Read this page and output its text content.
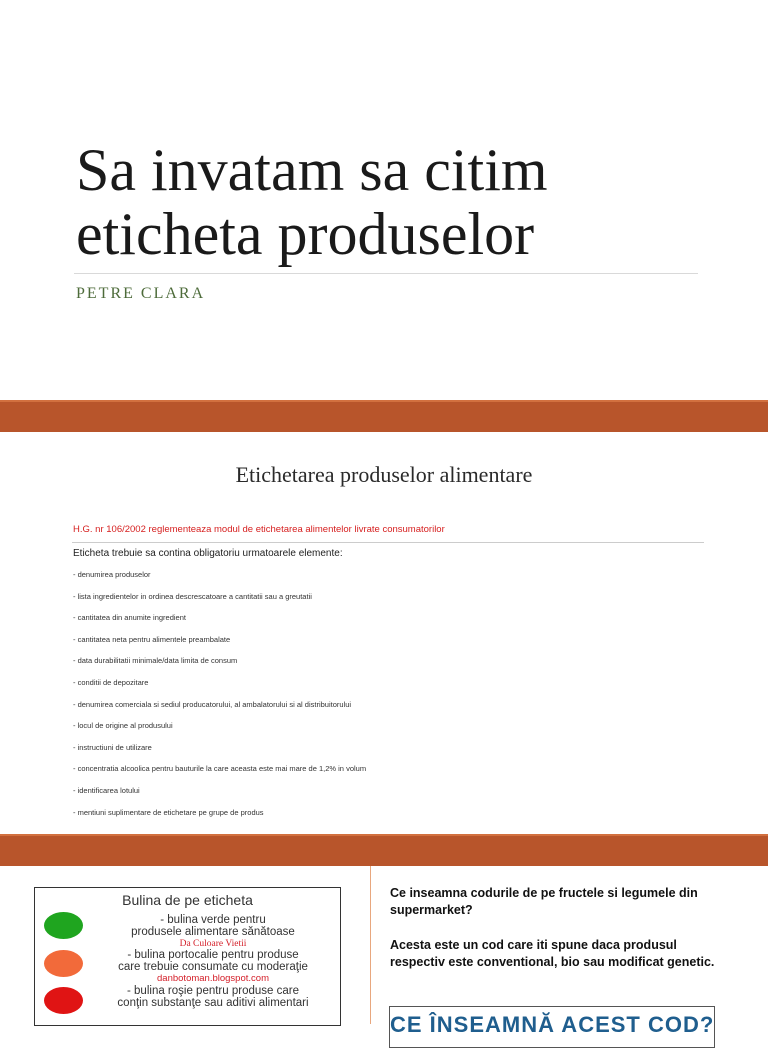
Sa invatam sa citim
eticheta produselor
PETRE CLARA
Etichetarea produselor alimentare
H.G. nr 106/2002 reglementeaza modul de etichetarea alimentelor livrate consumatorilor
Eticheta trebuie sa contina obligatoriu urmatoarele elemente:
- denumirea produselor
- lista ingredientelor in ordinea descrescatoare a cantitatii sau a greutatii
- cantitatea din anumite ingredient
- cantitatea neta pentru alimentele preambalate
- data durabilitatii minimale/data limita de consum
- conditii de depozitare
- denumirea comerciala si sediul producatorului, al ambalatorului si al distribuitorului
- locul de origine al produsului
- instructiuni de utilizare
- concentratia alcoolica pentru bauturile la care aceasta este mai mare de 1,2% in volum
- identificarea lotului
- mentiuni suplimentare de etichetare pe grupe de produs
Bulina de pe eticheta
- bulina verde pentru
produsele alimentare sănătoase
Da Culoare Vietii
- bulina portocalie pentru produse
care trebuie consumate cu moderaţie
danbotoman.blogspot.com
- bulina roşie pentru produse care
conţin substanţe sau aditivi alimentari

Ce inseamna codurile de pe fructele si legumele din supermarket?

Acesta este un cod care iti spune daca produsul respectiv este conventional, bio sau modificat genetic.

CE ÎNSEAMNĂ ACEST COD?
